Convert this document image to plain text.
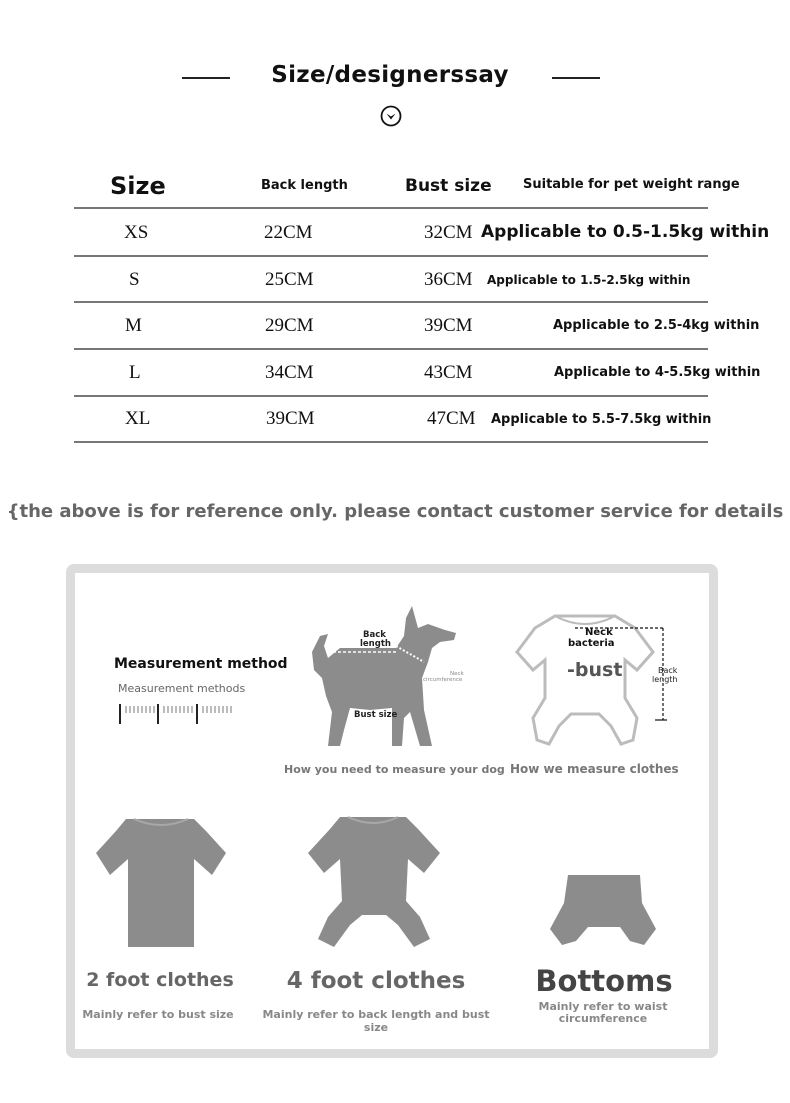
Size/designerssay
Size	Back length	Bust size Suitable for pet weight range
XS	22CM	32CM Applicable to 0.5-1.5kg within
S	25CM	36CM Applicable to 1.5-2.5kg within
M	29CM	39CM	Applicable to 2.5-4kg within
L	34CM	43CM	Applicable to 4-5.5kg within
XL	39CM	47CM Applicable to 5.5-7.5kg within
{the above is for reference only. please contact customer service for details
Measurement method
Measurement methods
Back
length
Neck
circumference
Bust size
How you need to measure your dog
Neck
bacteria
-bust	Back
length
How we measure clothes
2 foot clothes
Mainly refer to bust size
4 foot clothes
Mainly refer to back length and bust size
Bottoms
Mainly refer to waist circumference
